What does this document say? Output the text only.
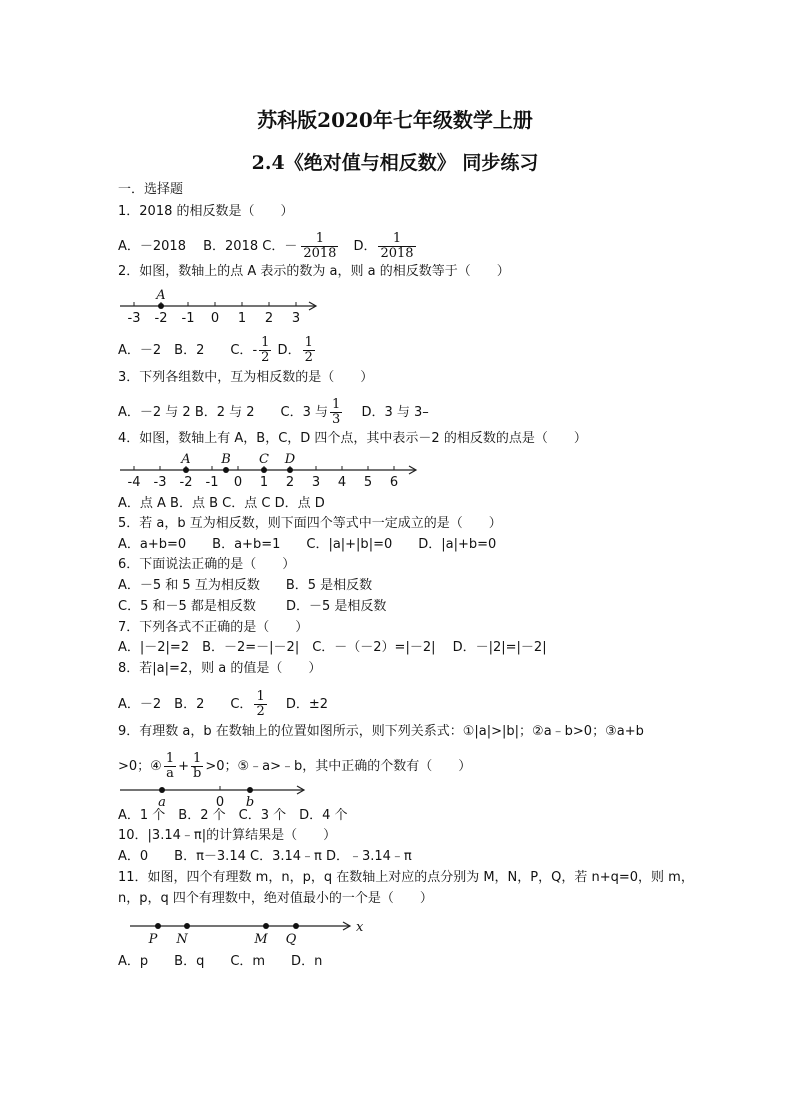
苏科版2020年七年级数学上册
2.4《绝对值与相反数》 同步练习
一．选择题
1．2018 的相反数是（　　）
A．－2018　 B．2018 C．－ $\frac{1}{2018}$ 　D． $\frac{1}{2018}$
2．如图，数轴上的点 A 表示的数为 a，则 a 的相反数等于（　　）
-3 -2 -1 0 1 2 3
A
A．－2　B．2　　C．- $\frac{1}{2}$ D． $\frac{1}{2}$
3．下列各组数中，互为相反数的是（　　）
A．－2 与 2 B．2 与 2　　C．3 与 $\frac{1}{3}$ 　 D．3 与 3–
4．如图，数轴上有 A，B，C，D 四个点，其中表示－2 的相反数的点是（　　）
-4 -3 -2 -1 0 1 2 3 4 5 6
A B C D
A．点 A B．点 B C．点 C D．点 D
5．若 a，b 互为相反数，则下面四个等式中一定成立的是（　　）
A．a+b=0　　B．a+b=1　　C．|a|+|b|=0　　D．|a|+b=0
6．下面说法正确的是（　　）
A．－5 和 5 互为相反数　　B．5 是相反数
C．5 和－5 都是相反数　　 D．－5 是相反数
7．下列各式不正确的是（　　）
A．|－2|=2　B．－2=－|－2|　C．－（－2）=|－2|　 D．－|2|=|－2|
8．若|a|=2，则 a 的值是（　　）
A．－2　B．2　　C． $\frac{1}{2}$ 　 D．±2
9．有理数 a，b 在数轴上的位置如图所示，则下列关系式：①|a|>|b|；②a﹣b>0；③a+b
>0；④ $\frac{1}{a} + \frac{1}{b} >0$；⑤﹣a>﹣b，其中正确的个数有（　　）
a	0 b
A．1 个　B．2 个　C．3 个　D．4 个
10．|3.14﹣π|的计算结果是（　　）
A．0　　B．π－3.14 C．3.14﹣π D．﹣3.14﹣π
11．如图，四个有理数 m，n，p，q 在数轴上对应的点分别为 M，N，P，Q，若 n+q=0，则 m，
n，p，q 四个有理数中，绝对值最小的一个是（　　）
x
P N	M Q
A．p　　B．q　　C．m　　D．n
